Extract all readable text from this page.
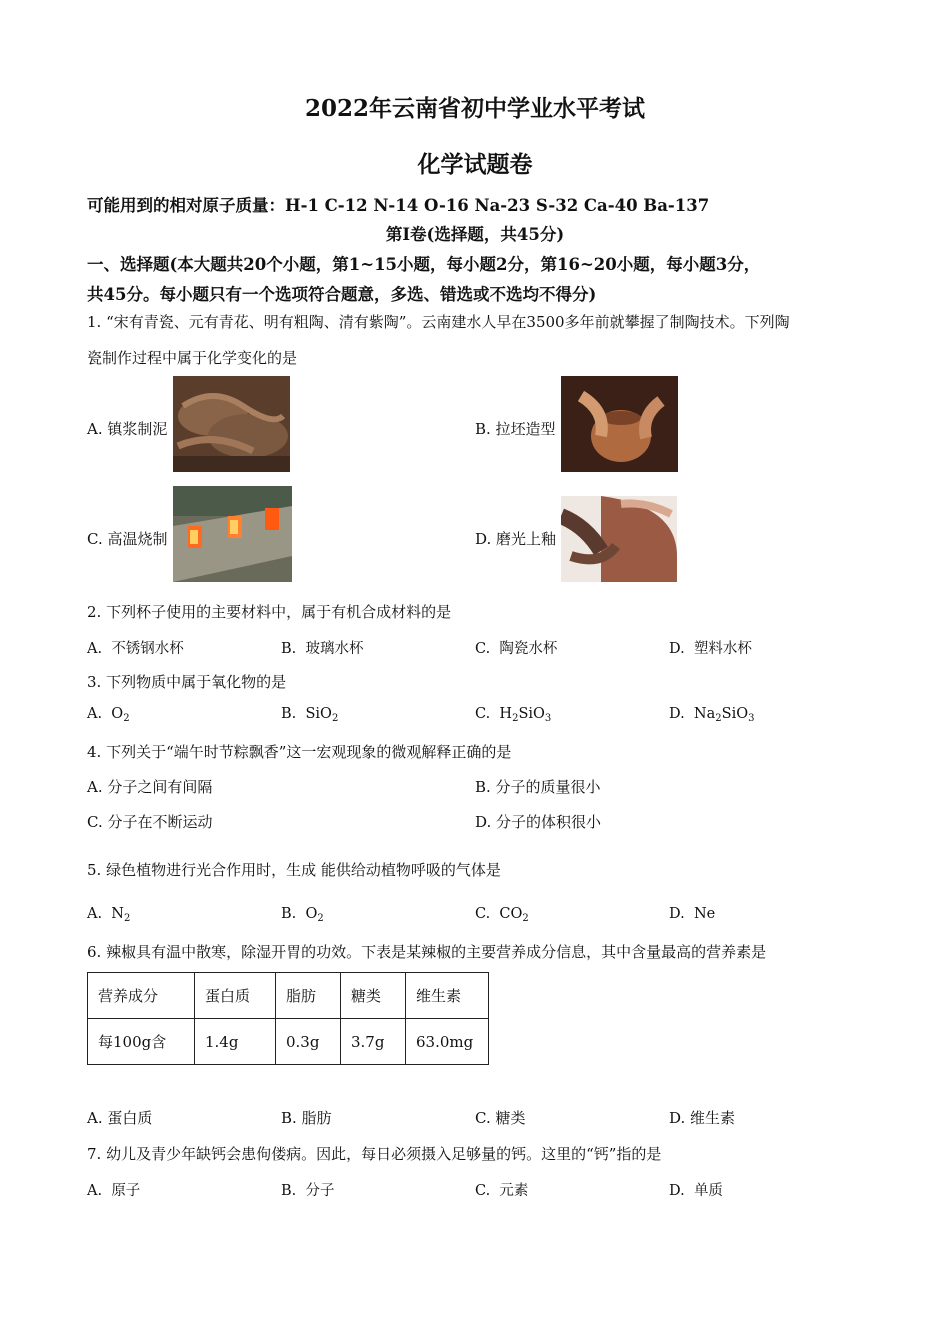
2022年云南省初中学业水平考试
化学试题卷
可能用到的相对原子质量：H-1 C-12 N-14 O-16 Na-23 S-32 Ca-40 Ba-137
第Ⅰ卷(选择题，共45分)
一、选择题(本大题共20个小题，第1~15小题，每小题2分，第16~20小题，每小题3分，
共45分。每小题只有一个选项符合题意，多选、错选或不选均不得分)
1. “宋有青瓷、元有青花、明有粗陶、清有紫陶”。云南建水人早在3500多年前就攀握了制陶技术。下列陶
瓷制作过程中属于化学变化的是
A. 镇浆制泥	B. 拉坯造型
C. 高温烧制	D. 磨光上釉
2. 下列杯子使用的主要材料中，属于有机合成材料的是
A. 不锈钢水杯	B. 玻璃水杯	C. 陶瓷水杯	D. 塑料水杯
3. 下列物质中属于氧化物的是
A.  $O_2$	B.  SiO$_2$	C.  $H_2SiO_3$	D.  $Na_2SiO_3$
4. 下列关于“端午时节粽飘香”这一宏观现象的微观解释正确的是
A. 分子之间有间隔	B. 分子的质量很小
C. 分子在不断运动	D. 分子的体积很小
5. 绿色植物进行光合作用时，生成 能供给动植物呼吸的气体是
A.  $N_2$	B.  $O_2$	C.  $CO_2$	D. Ne
6. 辣椒具有温中散寒，除湿开胃的功效。下表是某辣椒的主要营养成分信息，其中含量最高的营养素是
营养成分	蛋白质	脂肪	糖类	维生素
每100g含	1.4g	0.3g	3.7g	63.0mg
A. 蛋白质	B. 脂肪	C. 糖类	D. 维生素
7. 幼儿及青少年缺钙会患佝偻病。因此，每日必须摄入足够量的钙。这里的“钙”指的是
A. 原子	B. 分子	C. 元素	D. 单质
